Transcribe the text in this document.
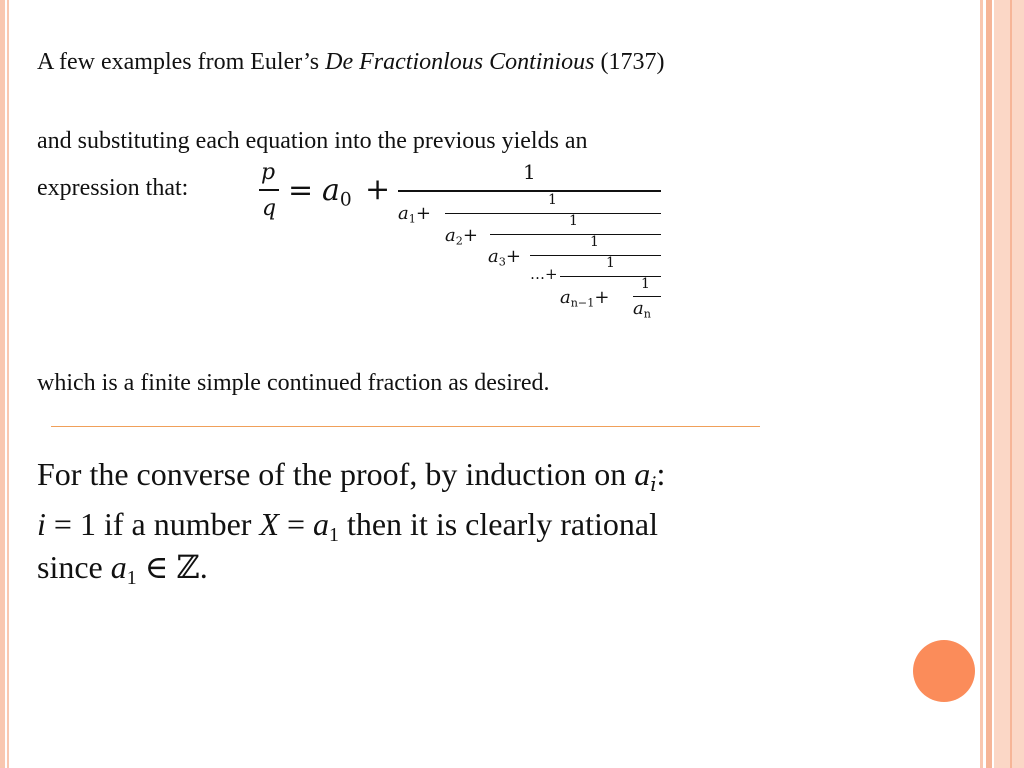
A few examples from Euler’s De Fractionlous Continious (1737)
and substituting each equation into the previous yields an
expression that:
p
q
= $a_0$ +	1
$a_1+$
1
$a_2+$
1
$a_3+$
1
…+
1
$a_{n-1}+$
1
$a_n$
which is a finite simple continued fraction as desired.
For the converse of the proof, by induction on $a_i$:
i = 1 if a number $X = a_1$ then it is clearly rational
since $a_1$ ∈ ℤ.
